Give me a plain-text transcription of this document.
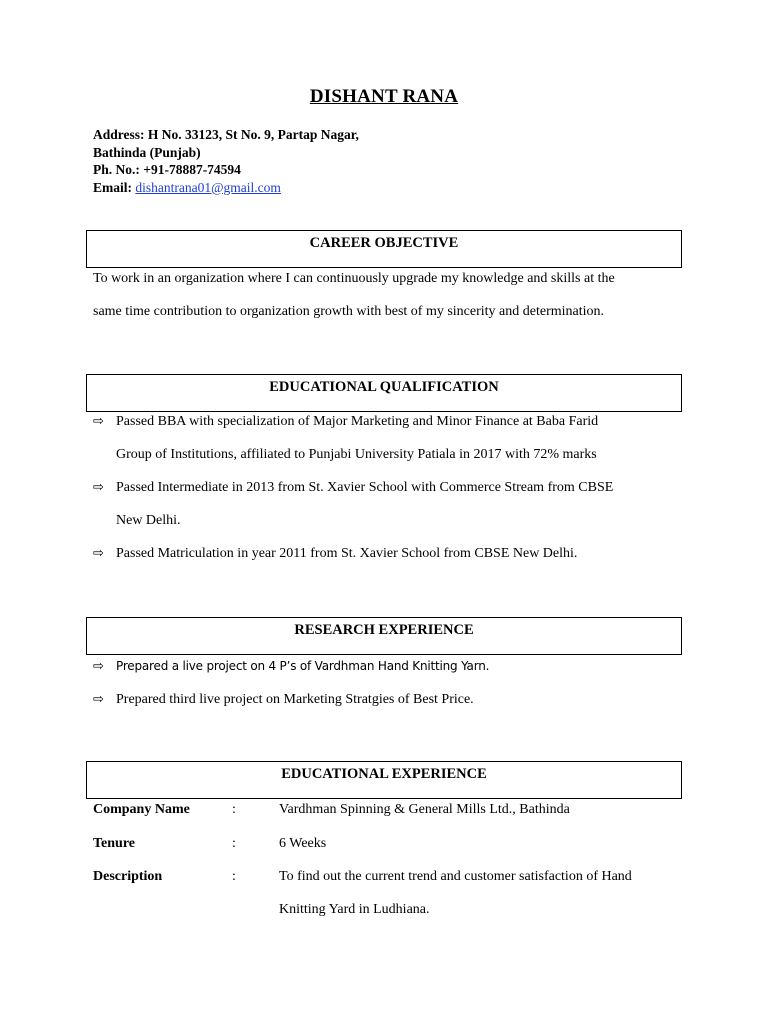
DISHANT RANA
Address: H No. 33123, St No. 9, Partap Nagar,
Bathinda (Punjab)
Ph. No.: +91-78887-74594
Email: dishantrana01@gmail.com
CAREER OBJECTIVE
To work in an organization where I can continuously upgrade my knowledge and skills at the
same time contribution to organization growth with best of my sincerity and determination.
EDUCATIONAL QUALIFICATION
⇨ Passed BBA with specialization of Major Marketing and Minor Finance at Baba Farid
Group of Institutions, affiliated to Punjabi University Patiala in 2017 with 72% marks
⇨ Passed Intermediate in 2013 from St. Xavier School with Commerce Stream from CBSE
New Delhi.
⇨ Passed Matriculation in year 2011 from St. Xavier School from CBSE New Delhi.
RESEARCH EXPERIENCE
⇨ Prepared a live project on 4 P’s of Vardhman Hand Knitting Yarn.
⇨ Prepared third live project on Marketing Stratgies of Best Price.
EDUCATIONAL EXPERIENCE
Company Name	:	Vardhman Spinning & General Mills Ltd., Bathinda
Tenure	:	6 Weeks
Description	:	To find out the current trend and customer satisfaction of Hand
Knitting Yard in Ludhiana.
